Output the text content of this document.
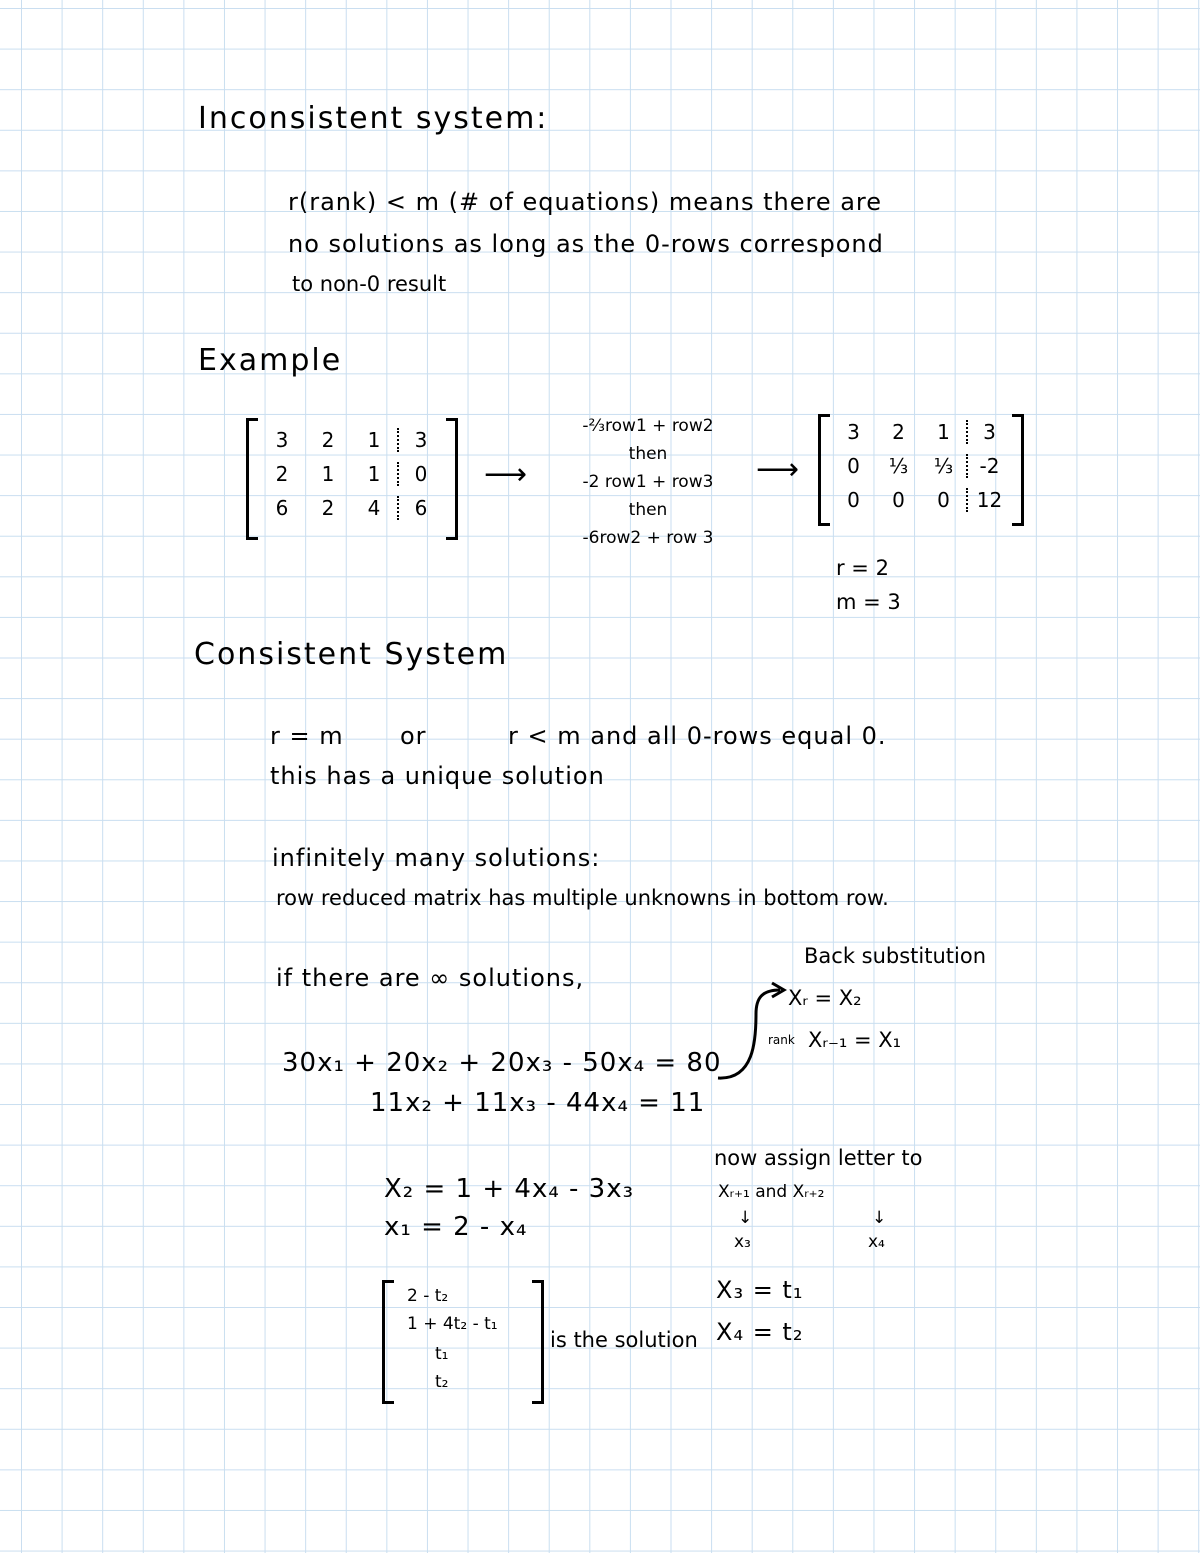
Inconsistent system:
r(rank) < m (# of equations) means there are
no solutions as long as the 0-rows correspond
to non-0 result
Example
3	2	1	3
2	1	1	0
6	2	4	6
⟶
-⅔row1 + row2
then
-2 row1 + row3
then
-6row2 + row 3
⟶
3	2	1	3
0	⅓	⅓	-2
0	0	0	12
r = 2
m = 3
Consistent System
r = m or	r < m and all 0-rows equal 0.
this has a unique solution
infinitely many solutions:
row reduced matrix has multiple unknowns in bottom row.
Back substitution
if there are ∞ solutions,
Xᵣ = X₂
rank Xᵣ₋₁ = X₁
30x₁ + 20x₂ + 20x₃ - 50x₄ = 80
11x₂ + 11x₃ - 44x₄ = 11
now assign letter to
Xᵣ₊₁ and Xᵣ₊₂
↓	↓
x₃	x₄
X₂ = 1 + 4x₄ - 3x₃
x₁ = 2 - x₄
X₃ = t₁
X₄ = t₂
2 - t₂
1 + 4t₂ - t₁
t₁
t₂
is the solution
